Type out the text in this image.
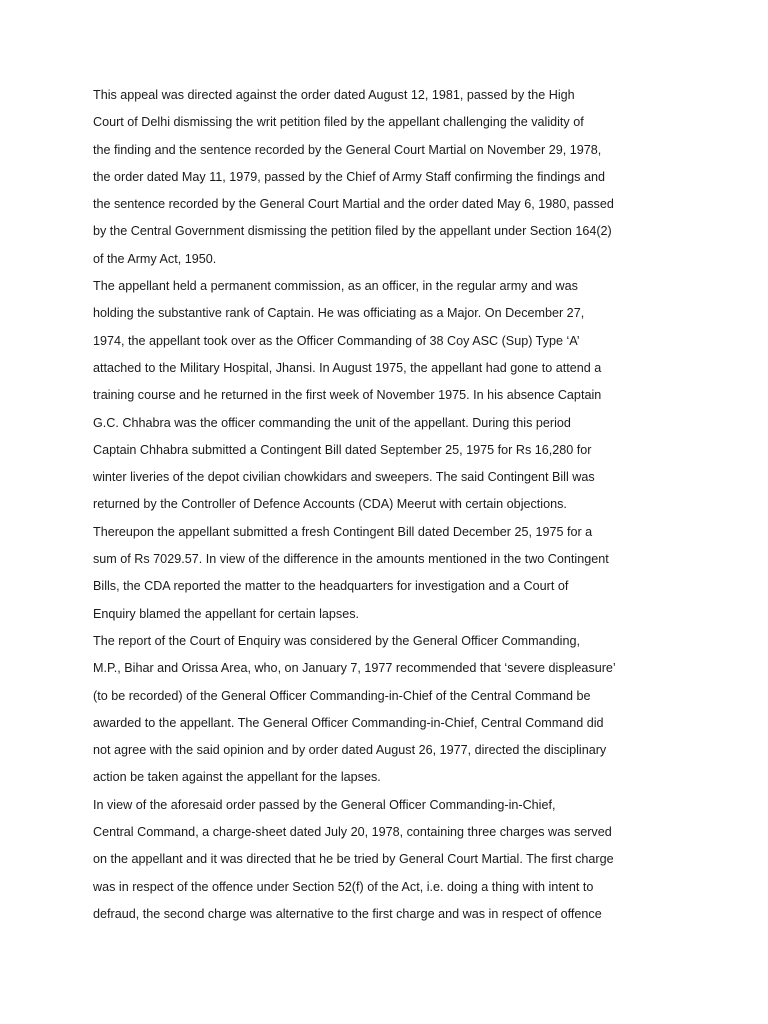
This appeal was directed against the order dated August 12, 1981, passed by the High
Court of Delhi dismissing the writ petition filed by the appellant challenging the validity of
the finding and the sentence recorded by the General Court Martial on November 29, 1978,
the order dated May 11, 1979, passed by the Chief of Army Staff confirming the findings and
the sentence recorded by the General Court Martial and the order dated May 6, 1980, passed
by the Central Government dismissing the petition filed by the appellant under Section 164(2)
of the Army Act, 1950.
The appellant held a permanent commission, as an officer, in the regular army and was
holding the substantive rank of Captain. He was officiating as a Major. On December 27,
1974, the appellant took over as the Officer Commanding of 38 Coy ASC (Sup) Type ‘A’
attached to the Military Hospital, Jhansi. In August 1975, the appellant had gone to attend a
training course and he returned in the first week of November 1975. In his absence Captain
G.C. Chhabra was the officer commanding the unit of the appellant. During this period
Captain Chhabra submitted a Contingent Bill dated September 25, 1975 for Rs 16,280 for
winter liveries of the depot civilian chowkidars and sweepers. The said Contingent Bill was
returned by the Controller of Defence Accounts (CDA) Meerut with certain objections.
Thereupon the appellant submitted a fresh Contingent Bill dated December 25, 1975 for a
sum of Rs 7029.57. In view of the difference in the amounts mentioned in the two Contingent
Bills, the CDA reported the matter to the headquarters for investigation and a Court of
Enquiry blamed the appellant for certain lapses.
The report of the Court of Enquiry was considered by the General Officer Commanding,
M.P., Bihar and Orissa Area, who, on January 7, 1977 recommended that ‘severe displeasure’
(to be recorded) of the General Officer Commanding-in-Chief of the Central Command be
awarded to the appellant. The General Officer Commanding-in-Chief, Central Command did
not agree with the said opinion and by order dated August 26, 1977, directed the disciplinary
action be taken against the appellant for the lapses.
In view of the aforesaid order passed by the General Officer Commanding-in-Chief,
Central Command, a charge-sheet dated July 20, 1978, containing three charges was served
on the appellant and it was directed that he be tried by General Court Martial. The first charge
was in respect of the offence under Section 52(f) of the Act, i.e. doing a thing with intent to
defraud, the second charge was alternative to the first charge and was in respect of offence
